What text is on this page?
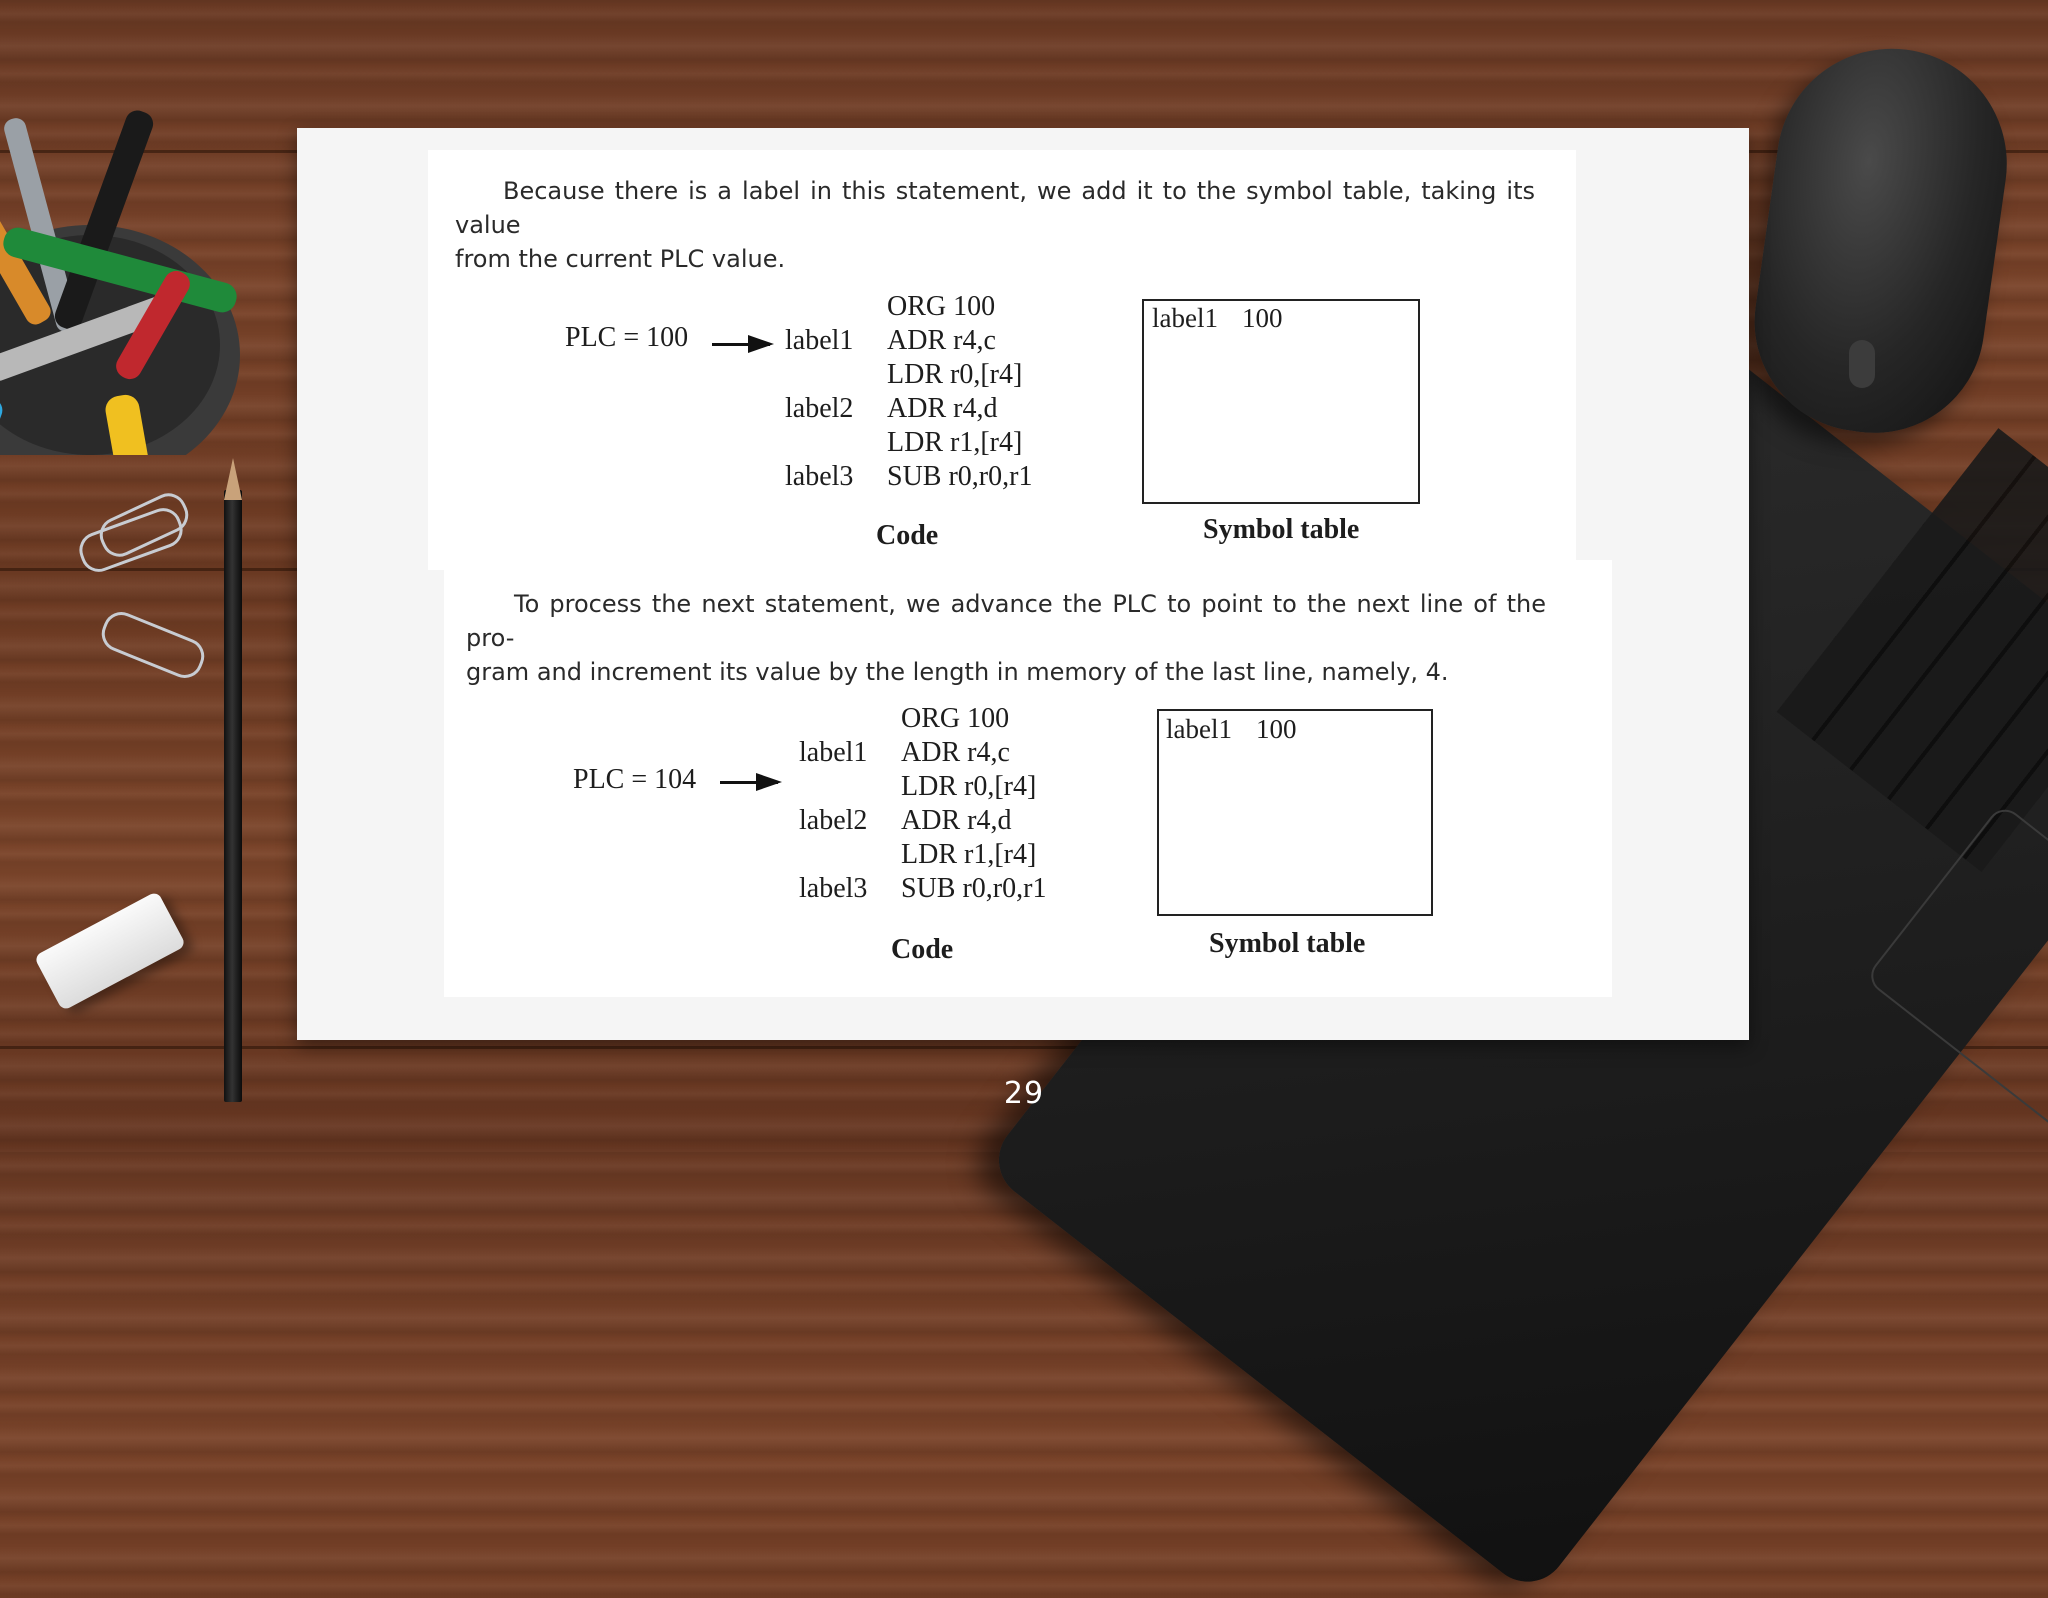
Because there is a label in this statement, we add it to the symbol table, taking its value
from the current PLC value.

PLC = 100
ORG 100
label1 ADR r4,c
LDR r0,[r4]
label2 ADR r4,d
LDR r1,[r4]
label3 SUB r0,r0,r1
Code
label1 100
Symbol table

To process the next statement, we advance the PLC to point to the next line of the pro-
gram and increment its value by the length in memory of the last line, namely, 4.

PLC = 104
ORG 100
label1 ADR r4,c
LDR r0,[r4]
label2 ADR r4,d
LDR r1,[r4]
label3 SUB r0,r0,r1
Code
label1 100
Symbol table
29
